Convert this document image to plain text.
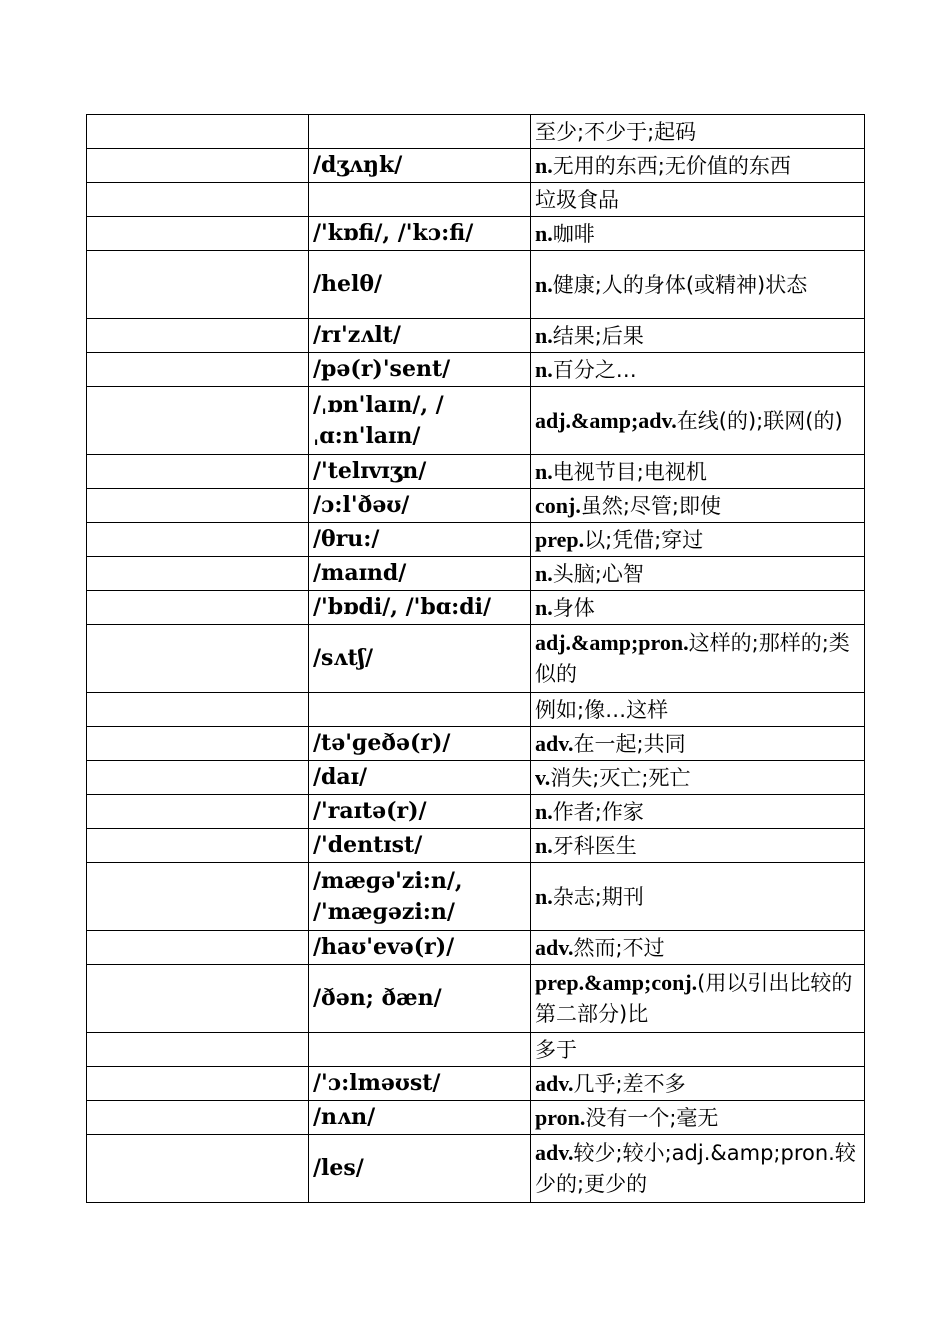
		至少;不少于;起码
	/dʒʌŋk/	n.无用的东西;无价值的东西
		垃圾食品
	/'kɒfi/, /'kɔ:fi/	n.咖啡
	/helθ/	n.健康;人的身体(或精神)状态
	/rɪ'zʌlt/	n.结果;后果
	/pə(r)'sent/	n.百分之…
	/ˌɒn'laɪn/, /ˌɑ:n'laɪn/	adj.&amp;adv.在线(的);联网(的)
	/'telɪvɪʒn/	n.电视节目;电视机
	/ɔ:l'ðəʊ/	conj.虽然;尽管;即使
	/θru:/	prep.以;凭借;穿过
	/maɪnd/	n.头脑;心智
	/'bɒdi/, /'bɑ:di/	n.身体
	/sʌtʃ/	adj.&amp;pron.这样的;那样的;类似的
		例如;像…这样
	/tə'ɡeðə(r)/	adv.在一起;共同
	/daɪ/	v.消失;灭亡;死亡
	/'raɪtə(r)/	n.作者;作家
	/'dentɪst/	n.牙科医生
	/mæɡə'zi:n/, /'mæɡəzi:n/	n.杂志;期刊
	/haʊ'evə(r)/	adv.然而;不过
	/ðən; ðæn/	prep.&amp;conj.(用以引出比较的第二部分)比
		多于
	/'ɔ:lməʊst/	adv.几乎;差不多
	/nʌn/	pron.没有一个;毫无
	/les/	adv.较少;较小;adj.&amp;pron.较少的;更少的
